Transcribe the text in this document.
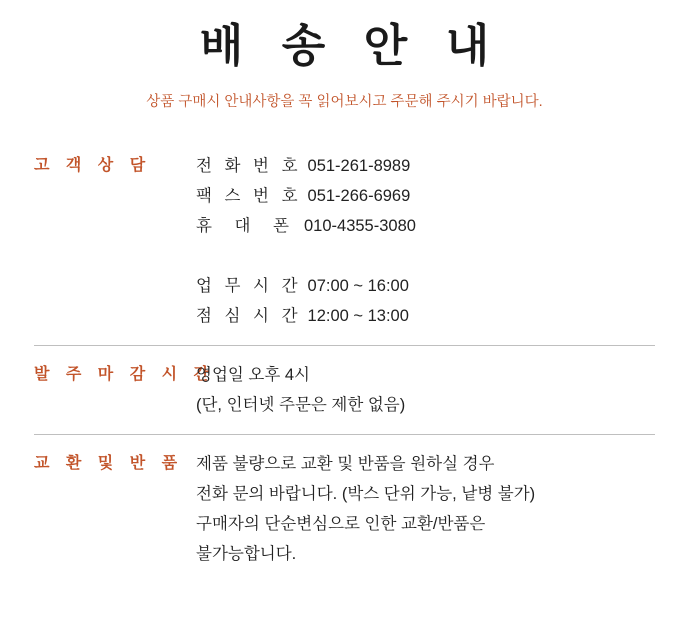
배 송 안 내
상품 구매시 안내사항을 꼭 읽어보시고 주문해 주시기 바랍니다.
고 객 상 담	전 화 번 호 051-261-8989
팩 스 번 호 051-266-6969
휴 대 폰 010-4355-3080
업 무 시 간 07:00 ~ 16:00
점 심 시 간 12:00 ~ 13:00
발 주 마 감 시 간
영업일 오후 4시
(단, 인터넷 주문은 제한 없음)
교 환 및 반 품 제품 불량으로 교환 및 반품을 원하실 경우
전화 문의 바랍니다. (박스 단위 가능, 낱병 불가)
구매자의 단순변심으로 인한 교환/반품은
불가능합니다.
